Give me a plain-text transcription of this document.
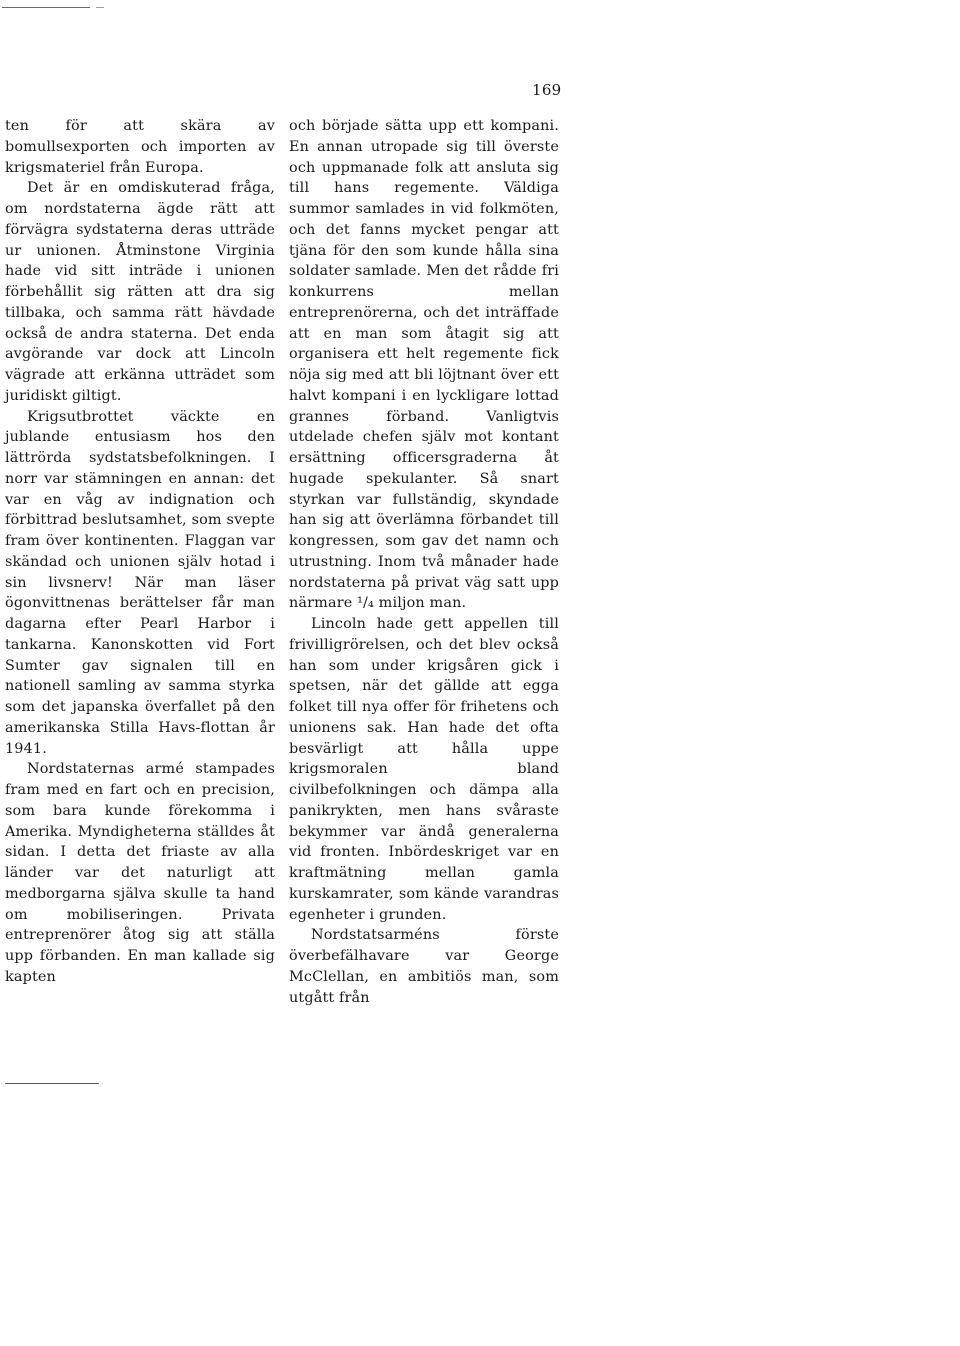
169

ten för att skära av bomullsexporten och importen av krigsmateriel från Europa.

Det är en omdiskuterad fråga, om nordstaterna ägde rätt att förvägra sydstaterna deras utträde ur unionen. Åtminstone Virginia hade vid sitt inträde i unionen förbehållit sig rätten att dra sig tillbaka, och samma rätt hävdade också de andra staterna. Det enda avgörande var dock att Lincoln vägrade att erkänna utträdet som juridiskt giltigt.

Krigsutbrottet väckte en jublande entusiasm hos den lättrörda sydstatsbefolkningen. I norr var stämningen en annan: det var en våg av indignation och förbittrad beslutsamhet, som svepte fram över kontinenten. Flaggan var skändad och unionen själv hotad i sin livsnerv! När man läser ögonvittnenas berättelser får man dagarna efter Pearl Harbor i tankarna. Kanonskotten vid Fort Sumter gav signalen till en nationell samling av samma styrka som det japanska överfallet på den amerikanska Stilla Havs-flottan år 1941.

Nordstaternas armé stampades fram med en fart och en precision, som bara kunde förekomma i Amerika. Myndigheterna ställdes åt sidan. I detta det friaste av alla länder var det naturligt att medborgarna själva skulle ta hand om mobiliseringen. Privata entreprenörer åtog sig att ställa upp förbanden. En man kallade sig kapten

och började sätta upp ett kompani. En annan utropade sig till överste och uppmanade folk att ansluta sig till hans regemente. Väldiga summor samlades in vid folkmöten, och det fanns mycket pengar att tjäna för den som kunde hålla sina soldater samlade. Men det rådde fri konkurrens mellan entreprenörerna, och det inträffade att en man som åtagit sig att organisera ett helt regemente fick nöja sig med att bli löjtnant över ett halvt kompani i en lyckligare lottad grannes förband. Vanligtvis utdelade chefen själv mot kontant ersättning officersgraderna åt hugade spekulanter. Så snart styrkan var fullständig, skyndade han sig att överlämna förbandet till kongressen, som gav det namn och utrustning. Inom två månader hade nordstaterna på privat väg satt upp närmare ¹/₄ miljon man.

Lincoln hade gett appellen till frivilligrörelsen, och det blev också han som under krigsåren gick i spetsen, när det gällde att egga folket till nya offer för frihetens och unionens sak. Han hade det ofta besvärligt att hålla uppe krigsmoralen bland civilbefolkningen och dämpa alla panikrykten, men hans svåraste bekymmer var ändå generalerna vid fronten. Inbördeskriget var en kraftmätning mellan gamla kurskamrater, som kände varandras egenheter i grunden.

Nordstatsarméns förste överbefälhavare var George McClellan, en ambitiös man, som utgått från
